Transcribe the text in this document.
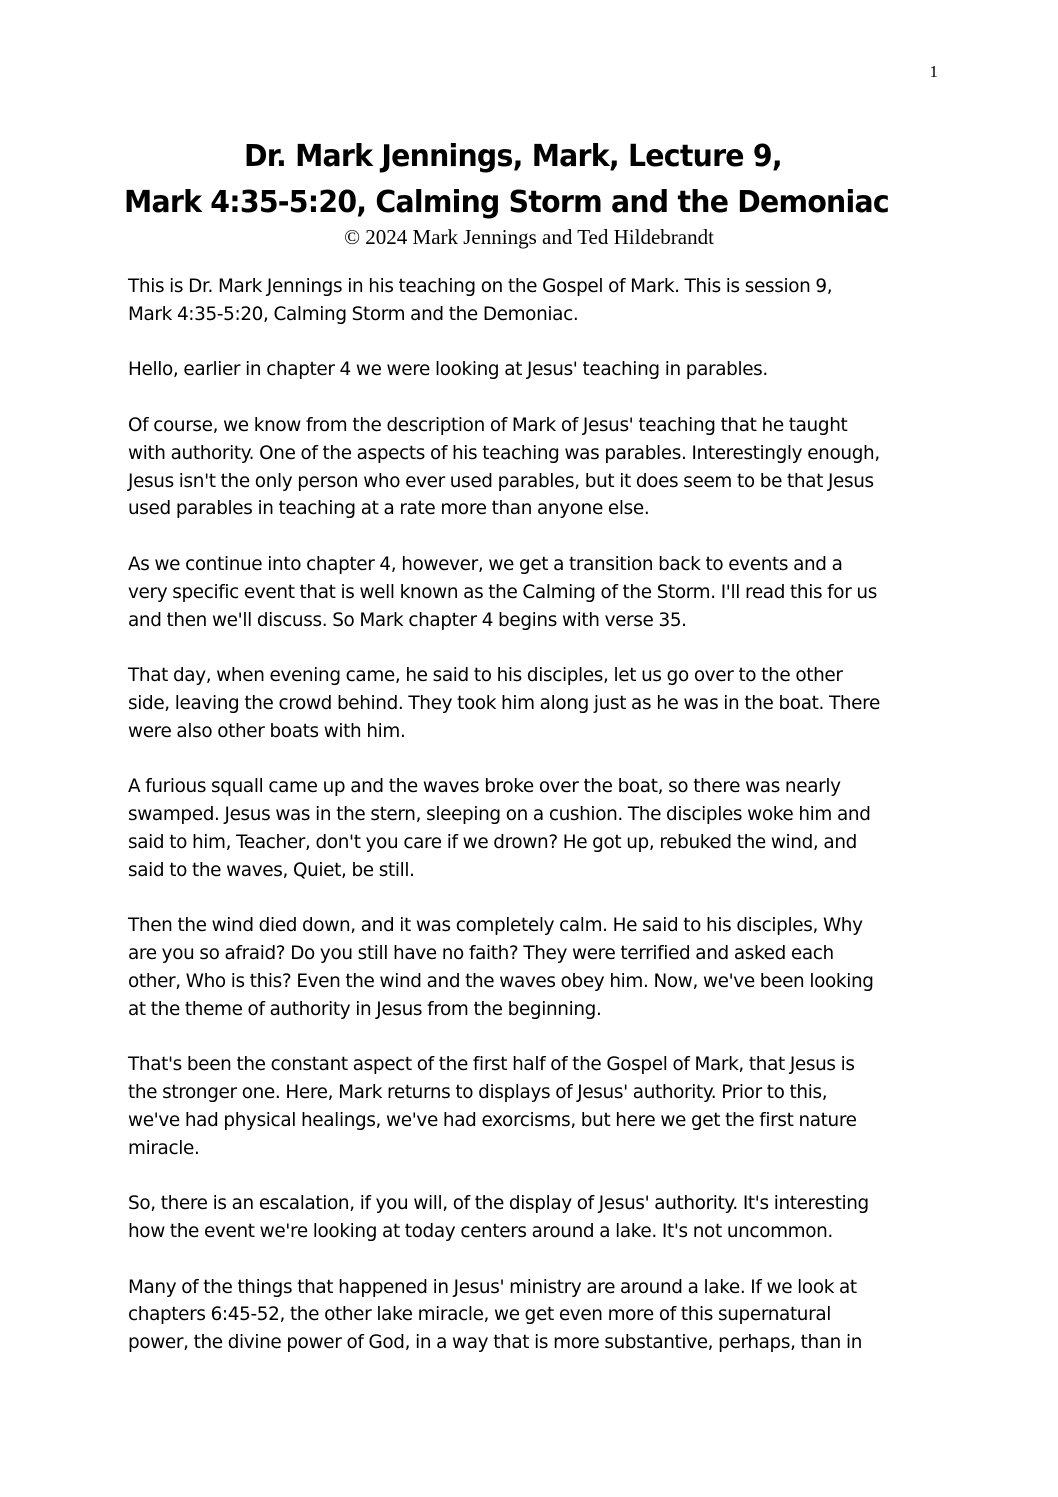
1
Dr. Mark Jennings, Mark, Lecture 9, Mark 4:35-5:20, Calming Storm and the Demoniac
© 2024 Mark Jennings and Ted Hildebrandt
This is Dr. Mark Jennings in his teaching on the Gospel of Mark. This is session 9,
Mark 4:35-5:20, Calming Storm and the Demoniac.
Hello, earlier in chapter 4 we were looking at Jesus' teaching in parables.
Of course, we know from the description of Mark of Jesus' teaching that he taught
with authority. One of the aspects of his teaching was parables. Interestingly enough,
Jesus isn't the only person who ever used parables, but it does seem to be that Jesus
used parables in teaching at a rate more than anyone else.
As we continue into chapter 4, however, we get a transition back to events and a
very specific event that is well known as the Calming of the Storm. I'll read this for us
and then we'll discuss. So Mark chapter 4 begins with verse 35.
That day, when evening came, he said to his disciples, let us go over to the other
side, leaving the crowd behind. They took him along just as he was in the boat. There
were also other boats with him.
A furious squall came up and the waves broke over the boat, so there was nearly
swamped. Jesus was in the stern, sleeping on a cushion. The disciples woke him and
said to him, Teacher, don't you care if we drown? He got up, rebuked the wind, and
said to the waves, Quiet, be still.
Then the wind died down, and it was completely calm. He said to his disciples, Why
are you so afraid? Do you still have no faith? They were terrified and asked each
other, Who is this? Even the wind and the waves obey him. Now, we've been looking
at the theme of authority in Jesus from the beginning.
That's been the constant aspect of the first half of the Gospel of Mark, that Jesus is
the stronger one. Here, Mark returns to displays of Jesus' authority. Prior to this,
we've had physical healings, we've had exorcisms, but here we get the first nature
miracle.
So, there is an escalation, if you will, of the display of Jesus' authority. It's interesting
how the event we're looking at today centers around a lake. It's not uncommon.
Many of the things that happened in Jesus' ministry are around a lake. If we look at
chapters 6:45-52, the other lake miracle, we get even more of this supernatural
power, the divine power of God, in a way that is more substantive, perhaps, than in
